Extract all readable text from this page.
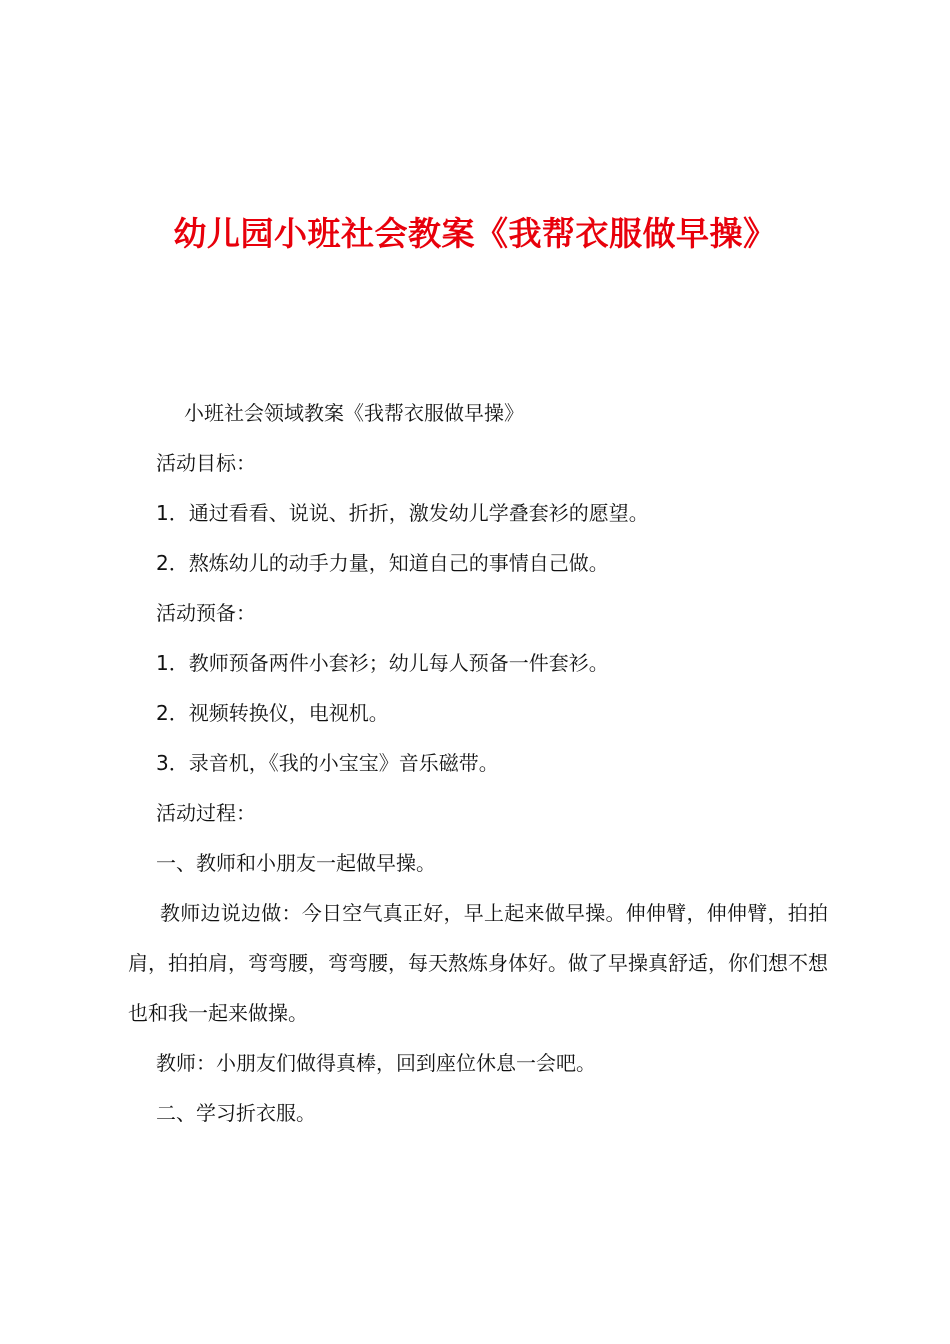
幼儿园小班社会教案《我帮衣服做早操》

小班社会领域教案《我帮衣服做早操》

活动目标：

1．通过看看、说说、折折，激发幼儿学叠套衫的愿望。

2．熬炼幼儿的动手力量，知道自己的事情自己做。

活动预备：

1．教师预备两件小套衫；幼儿每人预备一件套衫。

2．视频转换仪，电视机。

3．录音机，《我的小宝宝》音乐磁带。

活动过程：

一、教师和小朋友一起做早操。

教师边说边做：今日空气真正好，早上起来做早操。伸伸臂，伸伸臂，拍拍肩，拍拍肩，弯弯腰，弯弯腰，每天熬炼身体好。做了早操真舒适，你们想不想也和我一起来做操。

教师：小朋友们做得真棒，回到座位休息一会吧。

二、学习折衣服。
